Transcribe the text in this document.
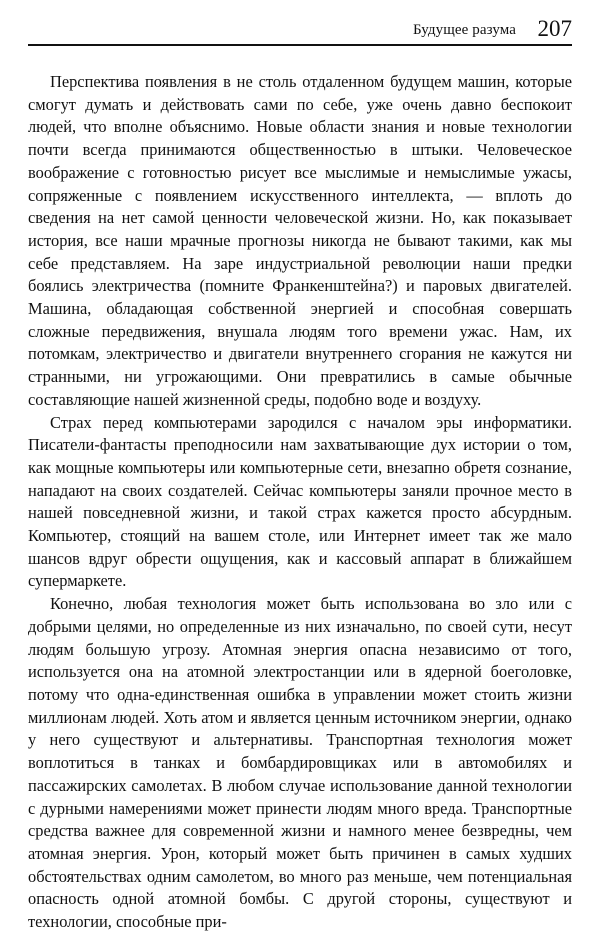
Будущее разума 207

Перспектива появления в не столь отдаленном будущем машин, которые смогут думать и действовать сами по себе, уже очень давно беспокоит людей, что вполне объяснимо. Новые области знания и новые технологии почти всегда принимаются общественностью в штыки. Человеческое воображение с готовностью рисует все мыслимые и немыслимые ужасы, сопряженные с появлением искусственного интеллекта, — вплоть до сведения на нет самой ценности человеческой жизни. Но, как показывает история, все наши мрачные прогнозы никогда не бывают такими, как мы себе представляем. На заре индустриальной революции наши предки боялись электричества (помните Франкенштейна?) и паровых двигателей. Машина, обладающая собственной энергией и способная совершать сложные передвижения, внушала людям того времени ужас. Нам, их потомкам, электричество и двигатели внутреннего сгорания не кажутся ни странными, ни угрожающими. Они превратились в самые обычные составляющие нашей жизненной среды, подобно воде и воздуху.

Страх перед компьютерами зародился с началом эры информатики. Писатели-фантасты преподносили нам захватывающие дух истории о том, как мощные компьютеры или компьютерные сети, внезапно обретя сознание, нападают на своих создателей. Сейчас компьютеры заняли прочное место в нашей повседневной жизни, и такой страх кажется просто абсурдным. Компьютер, стоящий на вашем столе, или Интернет имеет так же мало шансов вдруг обрести ощущения, как и кассовый аппарат в ближайшем супермаркете.

Конечно, любая технология может быть использована во зло или с добрыми целями, но определенные из них изначально, по своей сути, несут людям большую угрозу. Атомная энергия опасна независимо от того, используется она на атомной электростанции или в ядерной боеголовке, потому что одна-единственная ошибка в управлении может стоить жизни миллионам людей. Хоть атом и является ценным источником энергии, однако у него существуют и альтернативы. Транспортная технология может воплотиться в танках и бомбардировщиках или в автомобилях и пассажирских самолетах. В любом случае использование данной технологии с дурными намерениями может принести людям много вреда. Транспортные средства важнее для современной жизни и намного менее безвредны, чем атомная энергия. Урон, который может быть причинен в самых худших обстоятельствах одним самолетом, во много раз меньше, чем потенциальная опасность одной атомной бомбы. С другой стороны, существуют и технологии, способные при-
